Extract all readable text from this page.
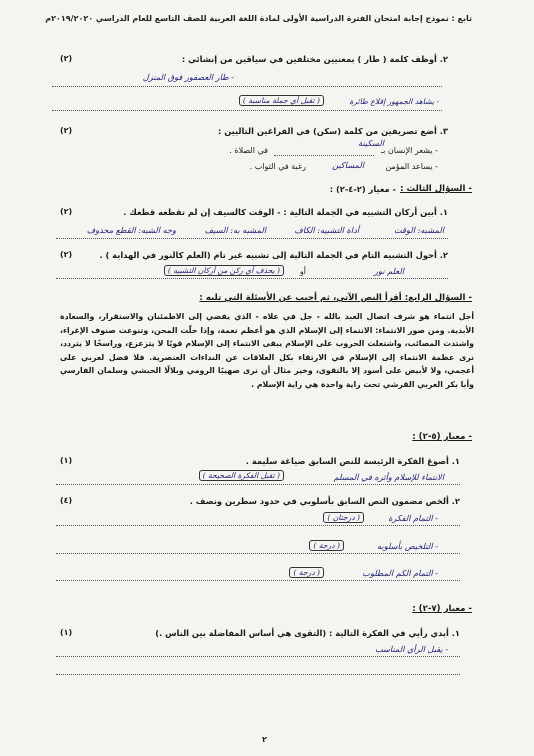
تابع : نموذج إجابة امتحان الفترة الدراسية الأولى لمادة اللغة العربية للصف التاسع للعام الدراسي ٢٠١٩/٢٠٢٠م
٢. أوظف كلمة ( طار ) بمعنيين مختلفين في سياقين من إنشائي :
(٢)
- طار العصفور فوق المنزل
- يشاهد الجمهور إقلاع طائرة
( تقبل أي جملة مناسبة )
٣. أضع تصريفين من كلمة (سكن) في الفراغين التاليين :
(٢)
السكينة
- يشعر الإنسان بـ
في الصلاة .
- يساعد المؤمن
المساكين
رغبة في الثواب .
- السؤال الثالث :
- معيار (٢-٤-٢) :
١. أبين أركان التشبيه في الجملة التالية : - الوقت كالسيف إن لم تقطعه قطعك .
(٢)
المشبه: الوقت
أداة التشبيه: الكاف
المشبه به: السيف
وجه الشبه: القطع محذوف
٢. أحول التشبيه التام في الجملة التالية إلى تشبيه غير تام (العلم كالنور في الهداية ) .
(٢)
العلم نور
أو
( يحذف أي ركن من أركان التشبيه )
- السؤال الرابع: أقرأ النص الآتي، ثم أجيب عن الأسئلة التي تليه :
أجل انتماء هو شرف اتصال العبد بالله - جل في علاه - الذي يفضي إلى الاطمئنان والاستقرار، والسعادة الأبدية. ومن صور الانتماء: الانتماء إلى الإسلام الذي هو أعظم نعمة، وإذا حلّت المحن، وتنوعت صنوف الإغراء، واشتدت المصائب، واشتعلت الحروب على الإسلام يبقى الانتماء إلى الإسلام قويًا لا يتزعزع، وراسخًا لا يتردد، نرى عظمة الانتماء إلى الإسلام في الارتقاء بكل العلاقات عن النداءات العنصرية. فلا فضل لعربي على أعجمي، ولا لأبيض على أسود إلا بالتقوى، وخير مثال أن نرى صهيبًا الرومي وبلالًا الحبشي وسلمان الفارسي وأبا بكر العربي القرشي تحت راية واحدة هي راية الإسلام .
- معيار (٥-٢) :
١. أصوغ الفكرة الرئيسة للنص السابق صياغة سليمة .
(١)
الانتماء للإسلام وأثره في المسلم
( تقبل الفكرة الصحيحة )
٢. ألخص مضمون النص السابق بأسلوبي في حدود سطرين ونصف .
(٤)
- التمام الفكرة
( درجتان )
- التلخيص بأسلوبه
( درجة )
- التمام الكم المطلوب
( درجة )
- معيار (٧-٢) :
١. أبدي رأيي في الفكرة التالية : (التقوى هي أساس المفاضلة بين الناس .)
(١)
- يقبل الرأي المناسب
٢
